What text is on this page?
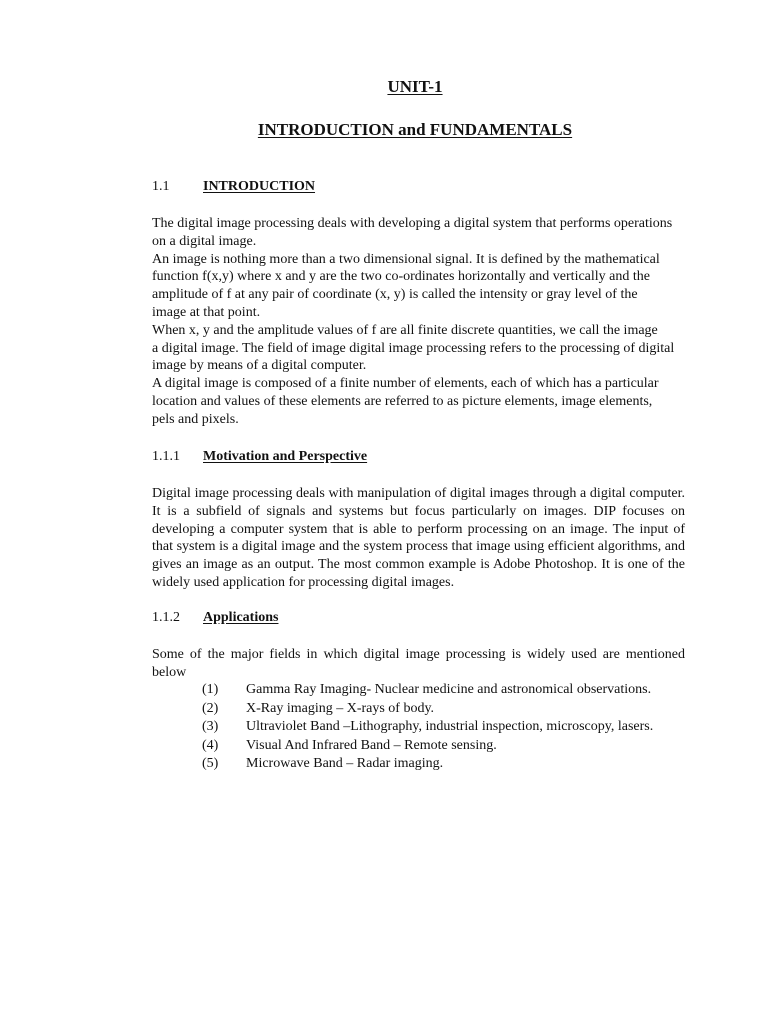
UNIT-1
INTRODUCTION and FUNDAMENTALS
1.1 INTRODUCTION
The digital image processing deals with developing a digital system that performs operations
on a digital image.
An image is nothing more than a two dimensional signal. It is defined by the mathematical
function f(x,y) where x and y are the two co-ordinates horizontally and vertically and the
amplitude of f at any pair of coordinate (x, y) is called the intensity or gray level of the
image at that point.
When x, y and the amplitude values of f are all finite discrete quantities, we call the image
a digital image. The field of image digital image processing refers to the processing of digital
image by means of a digital computer.
A digital image is composed of a finite number of elements, each of which has a particular
location and values of these elements are referred to as picture elements, image elements,
pels and pixels.
1.1.1 Motivation and Perspective

Digital image processing deals with manipulation of digital images through a digital computer. It is a subfield of signals and systems but focus particularly on images. DIP focuses on developing a computer system that is able to perform processing on an image. The input of that system is a digital image and the system process that image using efficient algorithms, and gives an image as an output. The most common example is Adobe Photoshop. It is one of the widely used application for processing digital images.

1.1.2 Applications

Some of the major fields in which digital image processing is widely used are mentioned below

(1) Gamma Ray Imaging- Nuclear medicine and astronomical observations.
(2) X-Ray imaging – X-rays of body.
(3) Ultraviolet Band –Lithography, industrial inspection, microscopy, lasers.
(4) Visual And Infrared Band – Remote sensing.
(5) Microwave Band – Radar imaging.
